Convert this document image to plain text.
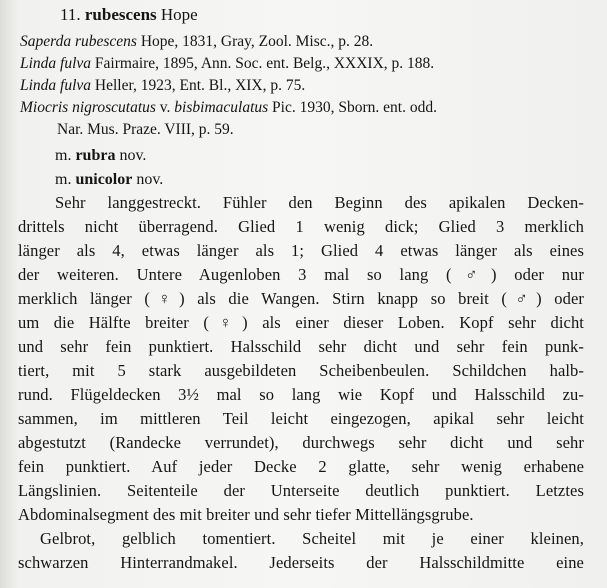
11. rubescens Hope
Saperda rubescens Hope, 1831, Gray, Zool. Misc., p. 28.
Linda fulva Fairmaire, 1895, Ann. Soc. ent. Belg., XXXIX, p. 188.
Linda fulva Heller, 1923, Ent. Bl., XIX, p. 75.
Miocris nigroscutatus v. bisbimaculatus Pic. 1930, Sborn. ent. odd.
Nar. Mus. Praze. VIII, p. 59.
m. rubra nov.
m. unicolor nov.
Sehr langgestreckt. Fühler den Beginn des apikalen Decken-
drittels nicht überragend. Glied 1 wenig dick; Glied 3 merklich
länger als 4, etwas länger als 1; Glied 4 etwas länger als eines
der weiteren. Untere Augenloben 3 mal so lang (♂) oder nur
merklich länger (♀) als die Wangen. Stirn knapp so breit (♂) oder
um die Hälfte breiter (♀) als einer dieser Loben. Kopf sehr dicht
und sehr fein punktiert. Halsschild sehr dicht und sehr fein punk-
tiert, mit 5 stark ausgebildeten Scheibenbeulen. Schildchen halb-
rund. Flügeldecken 3½ mal so lang wie Kopf und Halsschild zu-
sammen, im mittleren Teil leicht eingezogen, apikal sehr leicht
abgestutzt (Randecke verrundet), durchwegs sehr dicht und sehr
fein punktiert. Auf jeder Decke 2 glatte, sehr wenig erhabene
Längslinien. Seitenteile der Unterseite deutlich punktiert. Letztes
Abdominalsegment des mit breiter und sehr tiefer Mittellängsgrube.
Gelbrot, gelblich tomentiert. Scheitel mit je einer kleinen,
schwarzen Hinterrandmakel. Jederseits der Halsschildmitte eine
